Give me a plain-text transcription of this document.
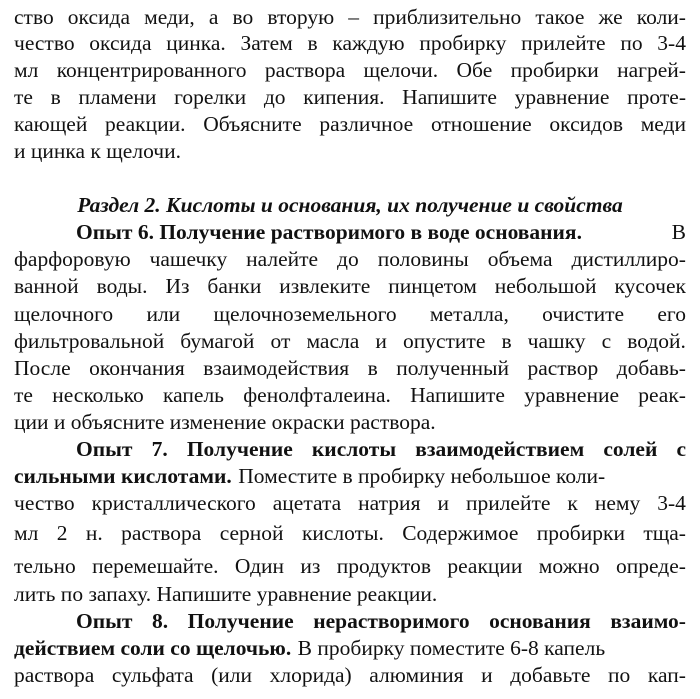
ство оксида меди, а во вторую – приблизительно такое же коли-
чество оксида цинка. Затем в каждую пробирку прилейте по 3-4
мл концентрированного раствора щелочи. Обе пробирки нагрей-
те в пламени горелки до кипения. Напишите уравнение проте-
кающей реакции. Объясните различное отношение оксидов меди
и цинка к щелочи.
Раздел 2. Кислоты и основания, их получение и свойства
Опыт 6. Получение растворимого в воде основания.	В
фарфоровую чашечку налейте до половины объема дистиллиро-
ванной воды. Из банки извлеките пинцетом небольшой кусочек
щелочного или щелочноземельного металла, очистите его
фильтровальной бумагой от масла и опустите в чашку с водой.
После окончания взаимодействия в полученный раствор добавь-
те несколько капель фенолфталеина. Напишите уравнение реак-
ции и объясните изменение окраски раствора.
Опыт 7. Получение кислоты взаимодействием солей с
сильными кислотами. Поместите в пробирку небольшое коли-
чество кристаллического ацетата натрия и прилейте к нему 3-4
мл 2 н. раствора серной кислоты. Содержимое пробирки тща-
тельно перемешайте. Один из продуктов реакции можно опреде-
лить по запаху. Напишите уравнение реакции.
Опыт 8. Получение нерастворимого основания взаимо-
действием соли со щелочью. В пробирку поместите 6-8 капель
раствора сульфата (или хлорида) алюминия и добавьте по кап-
